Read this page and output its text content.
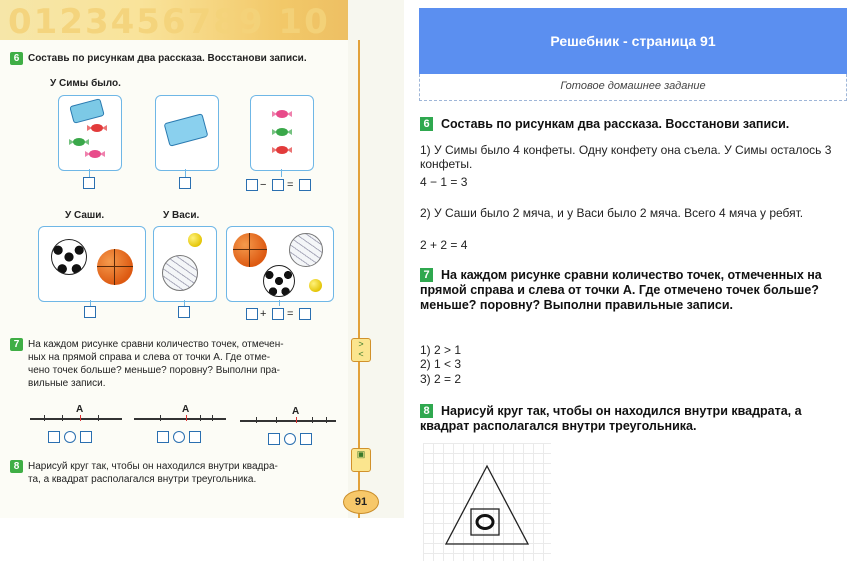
0123456789 10
6 Составь по рисункам два рассказа. Восстанови записи.
У Симы было.
− =
У Саши.	У Васи.
+ =
7 На каждом рисунке сравни количество точек, отмечен-
ных на прямой справа и слева от точки А. Где отме-
чено точек больше? меньше? поровну? Выполни пра-
вильные записи.
А	А	А
8 Нарисуй круг так, чтобы он находился внутри квадра-
та, а квадрат располагался внутри треугольника.
>
<
▣
91
Решебник - страница 91
Готовое домашнее задание
6 Составь по рисункам два рассказа. Восстанови записи.
1) У Симы было 4 конфеты. Одну конфету она съела. У Симы осталось 3 конфеты.
4 − 1 = 3
2) У Саши было 2 мяча, и у Васи было 2 мяча. Всего 4 мяча у ребят.
2 + 2 = 4
7 На каждом рисунке сравни количество точек, отмеченных на прямой справа и слева от точки А. Где отмечено точек больше? меньше? поровну? Выполни правильные записи.
1) 2 > 1
2) 1 < 3
3) 2 = 2
8 Нарисуй круг так, чтобы он находился внутри квадрата, а квадрат располагался внутри треугольника.
